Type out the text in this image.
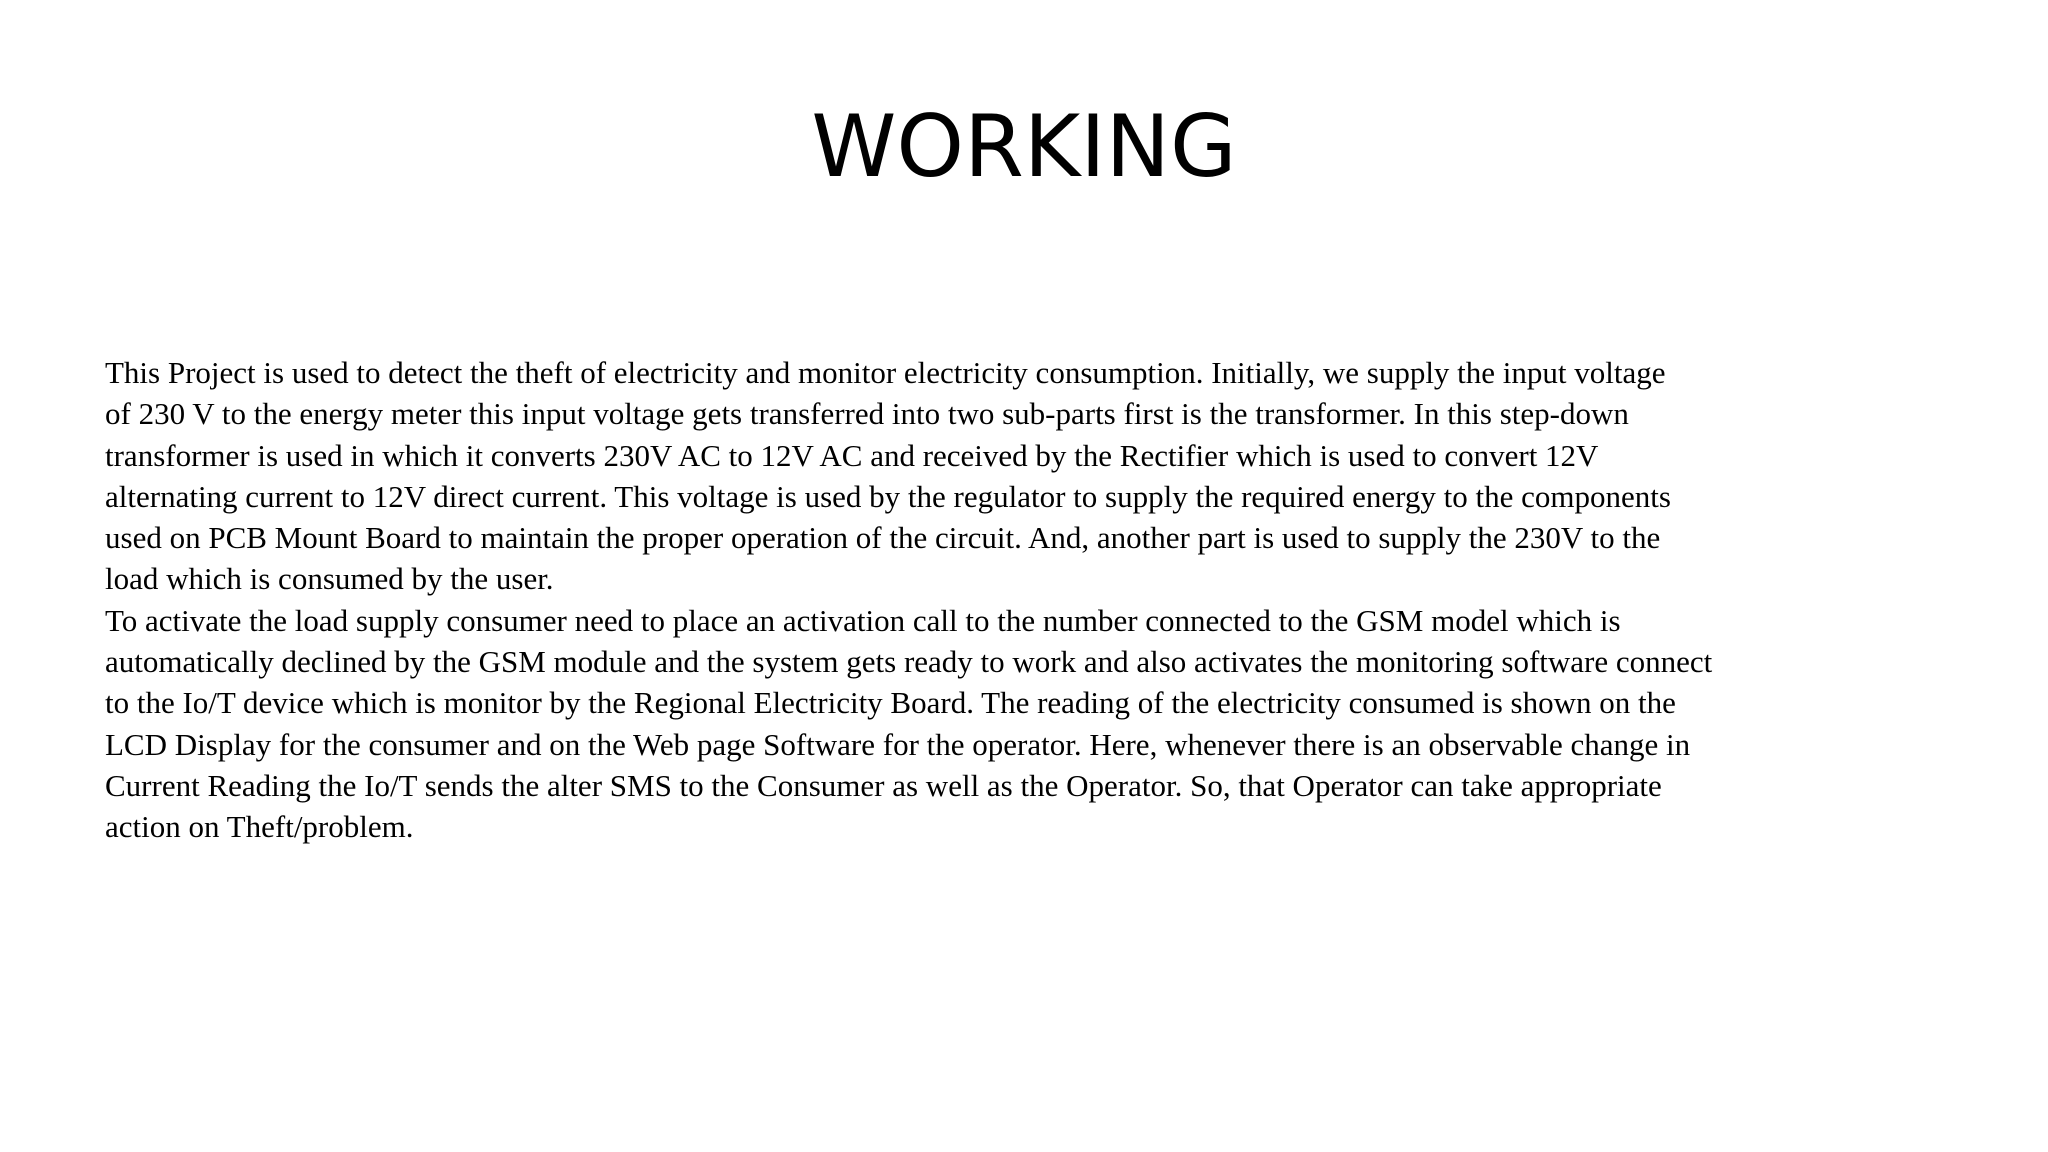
WORKING
This Project is used to detect the theft of electricity and monitor electricity consumption. Initially, we supply the input voltage
of 230 V to the energy meter this input voltage gets transferred into two sub-parts first is the transformer. In this step-down
transformer is used in which it converts 230V AC to 12V AC and received by the Rectifier which is used to convert 12V
alternating current to 12V direct current. This voltage is used by the regulator to supply the required energy to the components
used on PCB Mount Board to maintain the proper operation of the circuit. And, another part is used to supply the 230V to the
load which is consumed by the user.
To activate the load supply consumer need to place an activation call to the number connected to the GSM model which is
automatically declined by the GSM module and the system gets ready to work and also activates the monitoring software connect
to the Io/T device which is monitor by the Regional Electricity Board. The reading of the electricity consumed is shown on the
LCD Display for the consumer and on the Web page Software for the operator. Here, whenever there is an observable change in
Current Reading the Io/T sends the alter SMS to the Consumer as well as the Operator. So, that Operator can take appropriate
action on Theft/problem.
